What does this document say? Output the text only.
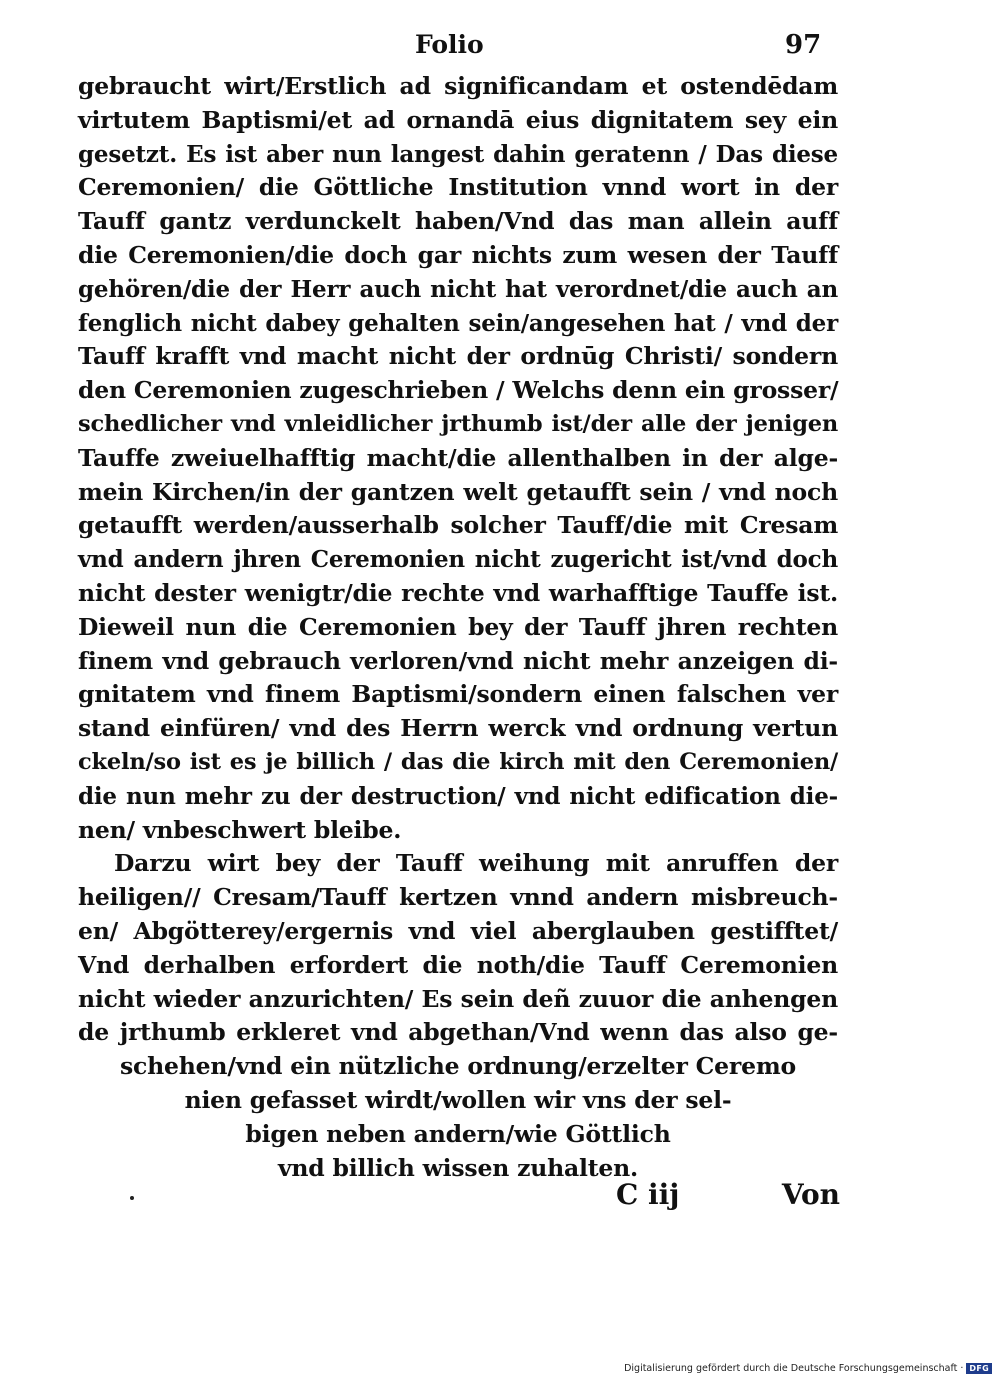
Folio	97
gebraucht wirt/Erstlich ad significandam et ostendēdam
virtutem Baptismi/et ad ornandā eius dignitatem sey ein
gesetzt. Es ist aber nun langest dahin geratenn / Das diese
Ceremonien/ die Göttliche Institution vnnd wort in der
Tauff gantz verdunckelt haben/Vnd das man allein auff
die Ceremonien/die doch gar nichts zum wesen der Tauff
gehören/die der Herr auch nicht hat verordnet/die auch an
fenglich nicht dabey gehalten sein/angesehen hat / vnd der
Tauff krafft vnd macht nicht der ordnūg Christi/ sondern
den Ceremonien zugeschrieben / Welchs denn ein grosser/
schedlicher vnd vnleidlicher jrthumb ist/der alle der jenigen
Tauffe zweiuelhafftig macht/die allenthalben in der alge-
mein Kirchen/in der gantzen welt getaufft sein / vnd noch
getaufft werden/ausserhalb solcher Tauff/die mit Cresam
vnd andern jhren Ceremonien nicht zugericht ist/vnd doch
nicht dester wenigtr/die rechte vnd warhafftige Tauffe ist.
Dieweil nun die Ceremonien bey der Tauff jhren rechten
finem vnd gebrauch verloren/vnd nicht mehr anzeigen di-
gnitatem vnd finem Baptismi/sondern einen falschen ver
stand einfüren/ vnd des Herrn werck vnd ordnung vertun
ckeln/so ist es je billich / das die kirch mit den Ceremonien/
die nun mehr zu der destruction/ vnd nicht edification die-
nen/ vnbeschwert bleibe.
Darzu wirt bey der Tauff weihung mit anruffen der
heiligen// Cresam/Tauff kertzen vnnd andern misbreuch-
en/ Abgötterey/ergernis vnd viel aberglauben gestifftet/
Vnd derhalben erfordert die noth/die Tauff Ceremonien
nicht wieder anzurichten/ Es sein deñ zuuor die anhengen
de jrthumb erkleret vnd abgethan/Vnd wenn das also ge-
schehen/vnd ein nützliche ordnung/erzelter Ceremo
nien gefasset wirdt/wollen wir vns der sel-
bigen neben andern/wie Göttlich
vnd billich wissen zuhalten.
C iij	Von
Digitalisierung gefördert durch die Deutsche Forschungsgemeinschaft · DFG
